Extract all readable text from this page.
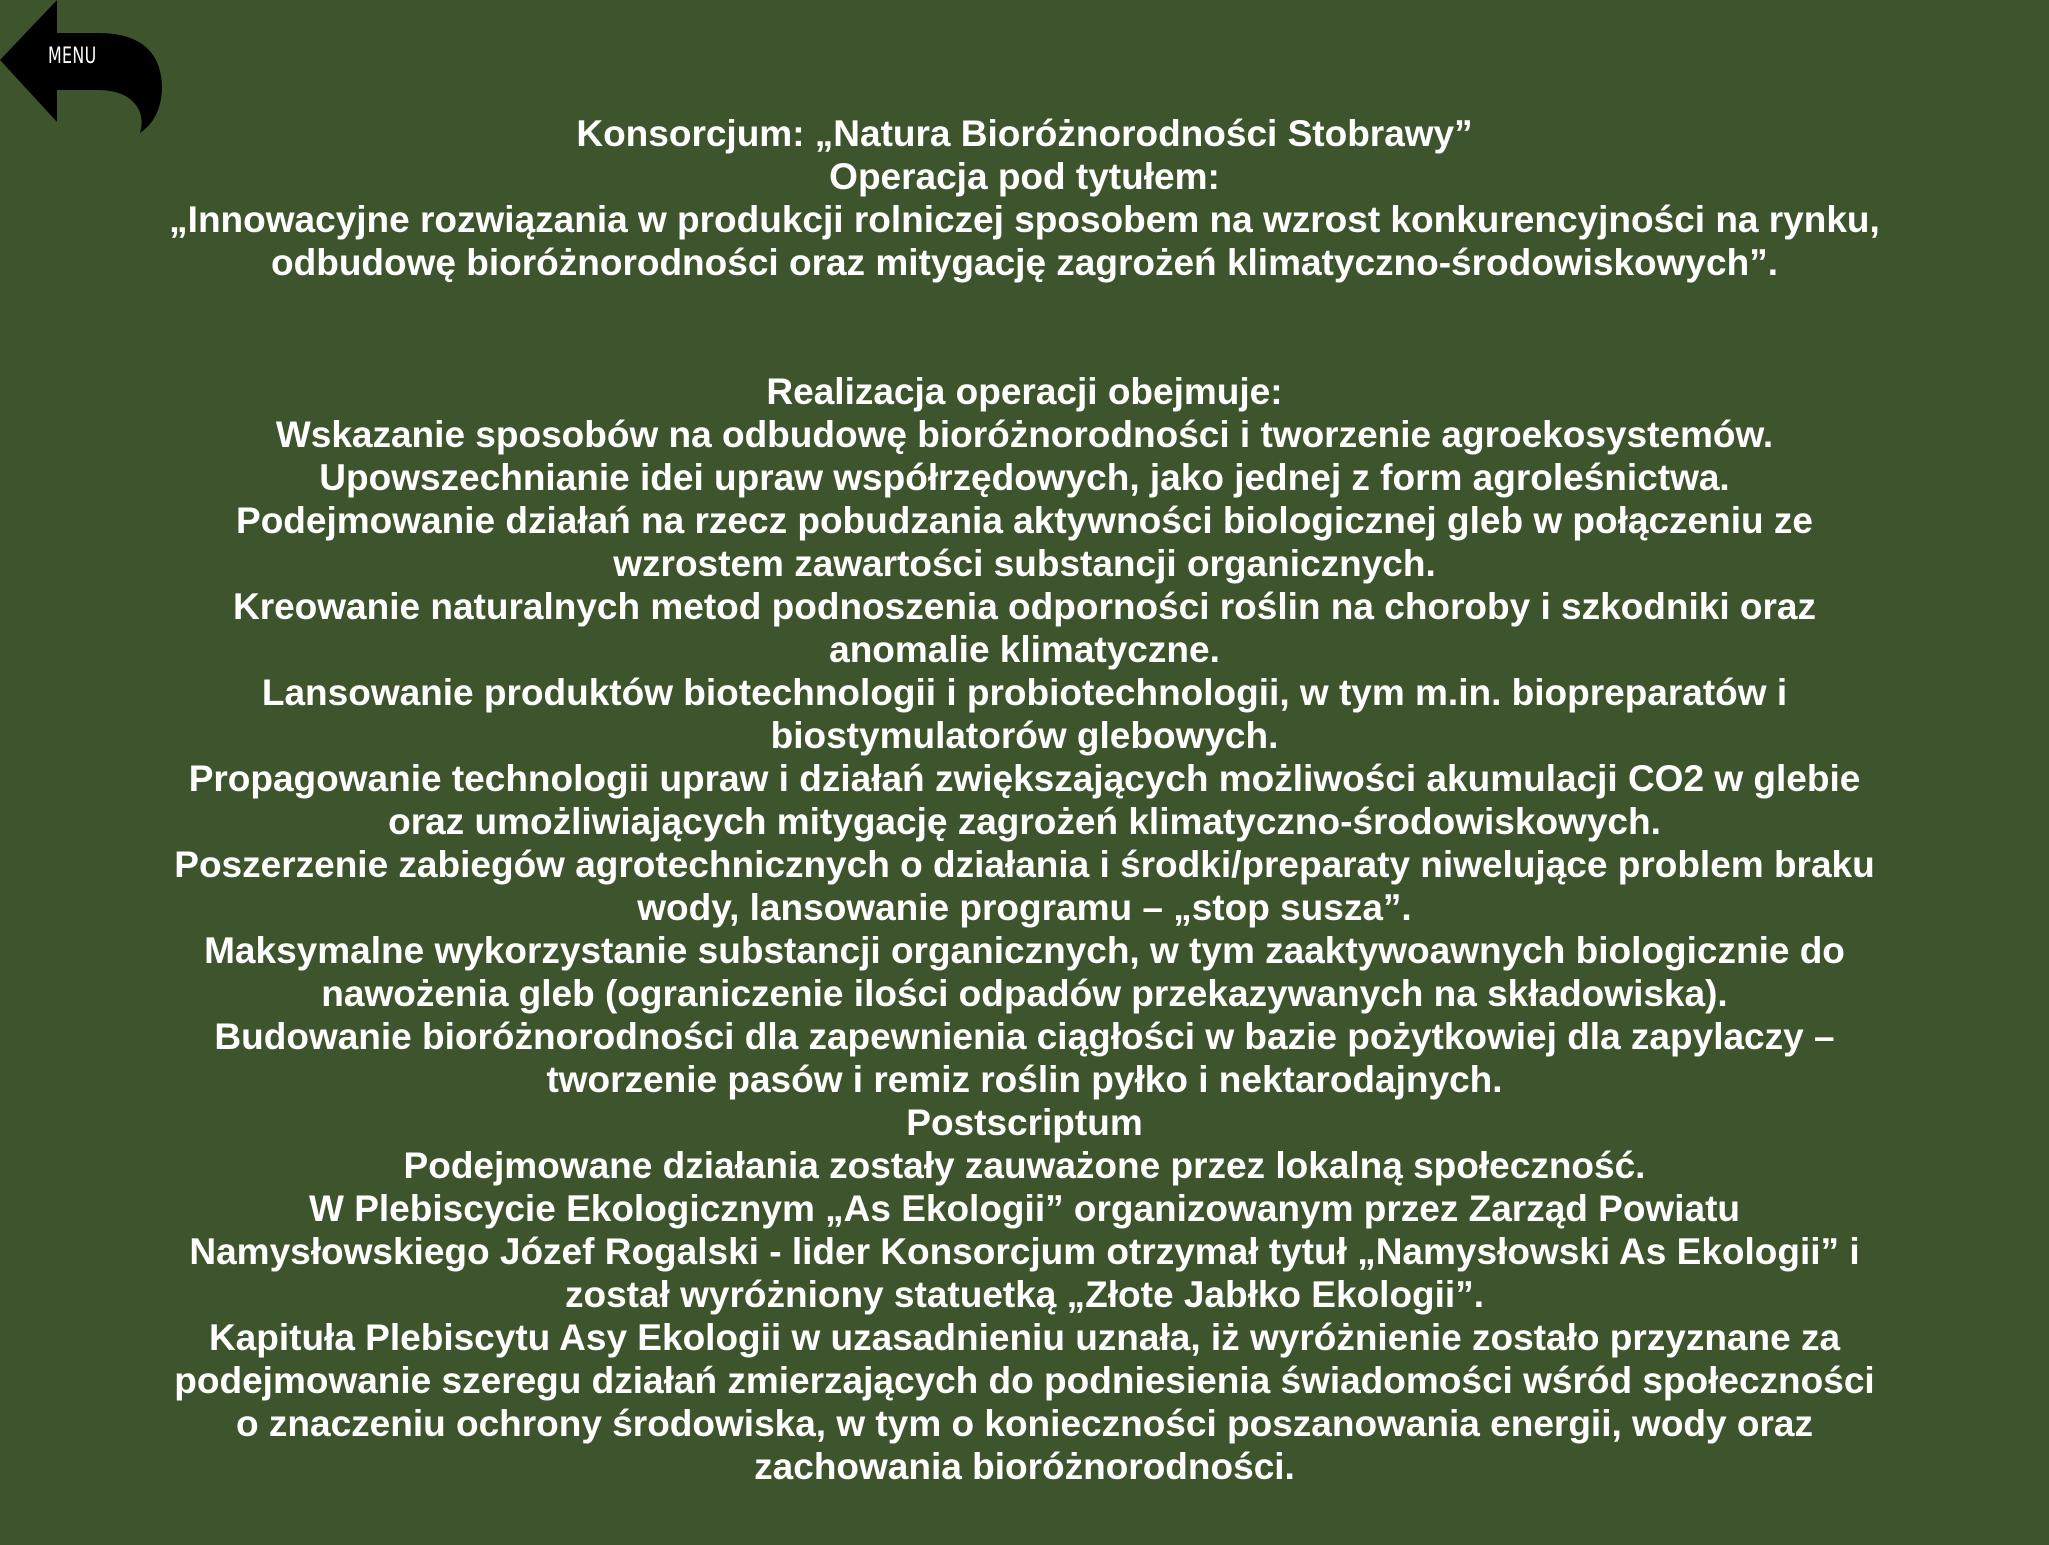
MENU

Konsorcjum: „Natura Bioróżnorodności Stobrawy”

Operacja pod tytułem:

„Innowacyjne rozwiązania w produkcji rolniczej sposobem na wzrost konkurencyjności na rynku,

odbudowę bioróżnorodności oraz mitygację zagrożeń klimatyczno-środowiskowych”.

Realizacja operacji obejmuje:

Wskazanie sposobów na odbudowę bioróżnorodności i tworzenie agroekosystemów.

Upowszechnianie idei upraw współrzędowych, jako jednej z form agroleśnictwa.

Podejmowanie działań na rzecz pobudzania aktywności biologicznej gleb w połączeniu ze

wzrostem zawartości substancji organicznych.

Kreowanie naturalnych metod podnoszenia odporności roślin na choroby i szkodniki oraz

anomalie klimatyczne.

Lansowanie produktów biotechnologii i probiotechnologii, w tym m.in. biopreparatów i

biostymulatorów glebowych.

Propagowanie technologii upraw i działań zwiększających możliwości akumulacji CO2 w glebie

oraz umożliwiających mitygację zagrożeń klimatyczno-środowiskowych.

Poszerzenie zabiegów agrotechnicznych o działania i środki/preparaty niwelujące problem braku

wody, lansowanie programu – „stop susza”.

Maksymalne wykorzystanie substancji organicznych, w tym zaaktywoawnych biologicznie do

nawożenia gleb (ograniczenie ilości odpadów przekazywanych na składowiska).

Budowanie bioróżnorodności dla zapewnienia ciągłości w bazie pożytkowiej dla zapylaczy –

tworzenie pasów i remiz roślin pyłko i nektarodajnych.

Postscriptum

Podejmowane działania zostały zauważone przez lokalną społeczność.

W Plebiscycie Ekologicznym „As Ekologii” organizowanym przez Zarząd Powiatu

Namysłowskiego Józef Rogalski - lider Konsorcjum otrzymał tytuł „Namysłowski As Ekologii” i

został wyróżniony statuetką „Złote Jabłko Ekologii”.

Kapituła Plebiscytu Asy Ekologii w uzasadnieniu uznała, iż wyróżnienie zostało przyznane za

podejmowanie szeregu działań zmierzających do podniesienia świadomości wśród społeczności

o znaczeniu ochrony środowiska, w tym o konieczności poszanowania energii, wody oraz

zachowania bioróżnorodności.
